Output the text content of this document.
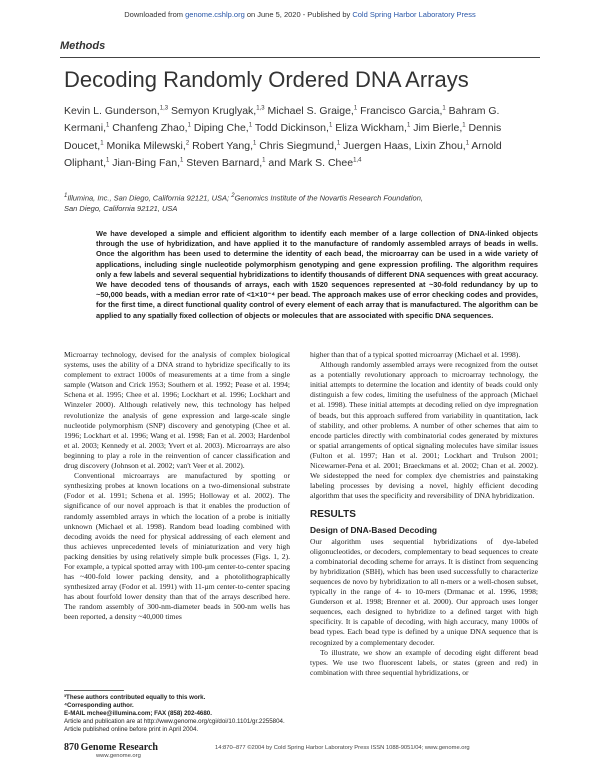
Downloaded from genome.cshlp.org on June 5, 2020 - Published by Cold Spring Harbor Laboratory Press
Methods
Decoding Randomly Ordered DNA Arrays
Kevin L. Gunderson,$^{1,3}$ Semyon Kruglyak,$^{1,3}$ Michael S. Graige,$^1$ Francisco Garcia,$^1$ Bahram G. Kermani,$^1$ Chanfeng Zhao,$^1$ Diping Che,$^1$ Todd Dickinson,$^1$ Eliza Wickham,$^1$ Jim Bierle,$^1$ Dennis Doucet,$^1$ Monika Milewski,$^2$ Robert Yang,$^1$ Chris Siegmund,$^1$ Juergen Haas, Lixin Zhou,$^1$ Arnold Oliphant,$^1$ Jian-Bing Fan,$^1$ Steven Barnard,$^1$ and Mark S. Chee$^{1,4}$
$^1$Illumina, Inc., San Diego, California 92121, USA; $^2$Genomics Institute of the Novartis Research Foundation,
San Diego, California 92121, USA
We have developed a simple and efficient algorithm to identify each member of a large collection of DNA-linked objects through the use of hybridization, and have applied it to the manufacture of randomly assembled arrays of beads in wells. Once the algorithm has been used to determine the identity of each bead, the microarray can be used in a wide variety of applications, including single nucleotide polymorphism genotyping and gene expression profiling. The algorithm requires only a few labels and several sequential hybridizations to identify thousands of different DNA sequences with great accuracy. We have decoded tens of thousands of arrays, each with 1520 sequences represented at ~30-fold redundancy by up to ~50,000 beads, with a median error rate of <1×10⁻⁴ per bead. The approach makes use of error checking codes and provides, for the first time, a direct functional quality control of every element of each array that is manufactured. The algorithm can be applied to any spatially fixed collection of objects or molecules that are associated with specific DNA sequences.

Microarray technology, devised for the analysis of complex biological systems, uses the ability of a DNA strand to hybridize specifically to its complement to extract 1000s of measurements at a time from a single sample (Watson and Crick 1953; Southern et al. 1992; Pease et al. 1994; Schena et al. 1995; Chee et al. 1996; Lockhart et al. 1996; Lockhart and Winzeler 2000). Although relatively new, this technology has helped revolutionize the analysis of gene expression and large-scale single nucleotide polymorphism (SNP) discovery and genotyping (Chee et al. 1996; Lockhart et al. 1996; Wang et al. 1998; Fan et al. 2003; Hardenbol et al. 2003; Kennedy et al. 2003; Yvert et al. 2003). Microarrays are also beginning to play a role in the reinvention of cancer classification and drug discovery (Johnson et al. 2002; van't Veer et al. 2002).

Conventional microarrays are manufactured by spotting or synthesizing probes at known locations on a two-dimensional substrate (Fodor et al. 1991; Schena et al. 1995; Holloway et al. 2002). The significance of our novel approach is that it enables the production of randomly assembled arrays in which the location of a probe is initially unknown (Michael et al. 1998). Random bead loading combined with decoding avoids the need for physical addressing of each element and thus achieves unprecedented levels of miniaturization and very high packing densities by using relatively simple bulk processes (Figs. 1, 2). For example, a typical spotted array with 100-µm center-to-center spacing has ~400-fold lower packing density, and a photolithographically synthesized array (Fodor et al. 1991) with 11-µm center-to-center spacing has about fourfold lower density than that of the arrays described here. The random assembly of 300-nm-diameter beads in 500-nm wells has been reported, a density ~40,000 times

³These authors contributed equally to this work.
⁴Corresponding author.
E-MAIL mchee@illumina.com; FAX (858) 202-4680.
Article and publication are at http://www.genome.org/cgi/doi/10.1101/gr.2255804. Article published online before print in April 2004.

higher than that of a typical spotted microarray (Michael et al. 1998).

Although randomly assembled arrays were recognized from the outset as a potentially revolutionary approach to microarray technology, the initial attempts to determine the location and identity of beads could only distinguish a few codes, limiting the usefulness of the approach (Michael et al. 1998). These initial attempts at decoding relied on dye impregnation of beads, but this approach suffered from variability in quantitation, lack of stability, and other problems. A number of other schemes that aim to encode particles directly with combinatorial codes generated by mixtures or spatial arrangements of optical signaling molecules have similar issues (Fulton et al. 1997; Han et al. 2001; Lockhart and Trulson 2001; Nicewarner-Pena et al. 2001; Braeckmans et al. 2002; Chan et al. 2002). We sidestepped the need for complex dye chemistries and painstaking labeling processes by devising a novel, highly efficient decoding algorithm that uses the specificity and reversibility of DNA hybridization.

RESULTS
Design of DNA-Based Decoding

Our algorithm uses sequential hybridizations of dye-labeled oligonucleotides, or decoders, complementary to bead sequences to create a combinatorial decoding scheme for arrays. It is distinct from sequencing by hybridization (SBH), which has been used successfully to characterize sequences de novo by hybridization to all n-mers or a well-chosen subset, typically in the range of 4- to 10-mers (Drmanac et al. 1996, 1998; Gunderson et al. 1998; Brenner et al. 2000). Our approach uses longer sequences, each designed to hybridize to a defined target with high specificity. It is capable of decoding, with high accuracy, many 1000s of bead types. Each bead type is defined by a unique DNA sequence that is recognized by a complementary decoder.

To illustrate, we show an example of decoding eight different bead types. We use two fluorescent labels, or states (green and red) in combination with three sequential hybridizations, or

870 Genome Research	14:870–877 ©2004 by Cold Spring Harbor Laboratory Press ISSN 1088-9051/04; www.genome.org
www.genome.org
